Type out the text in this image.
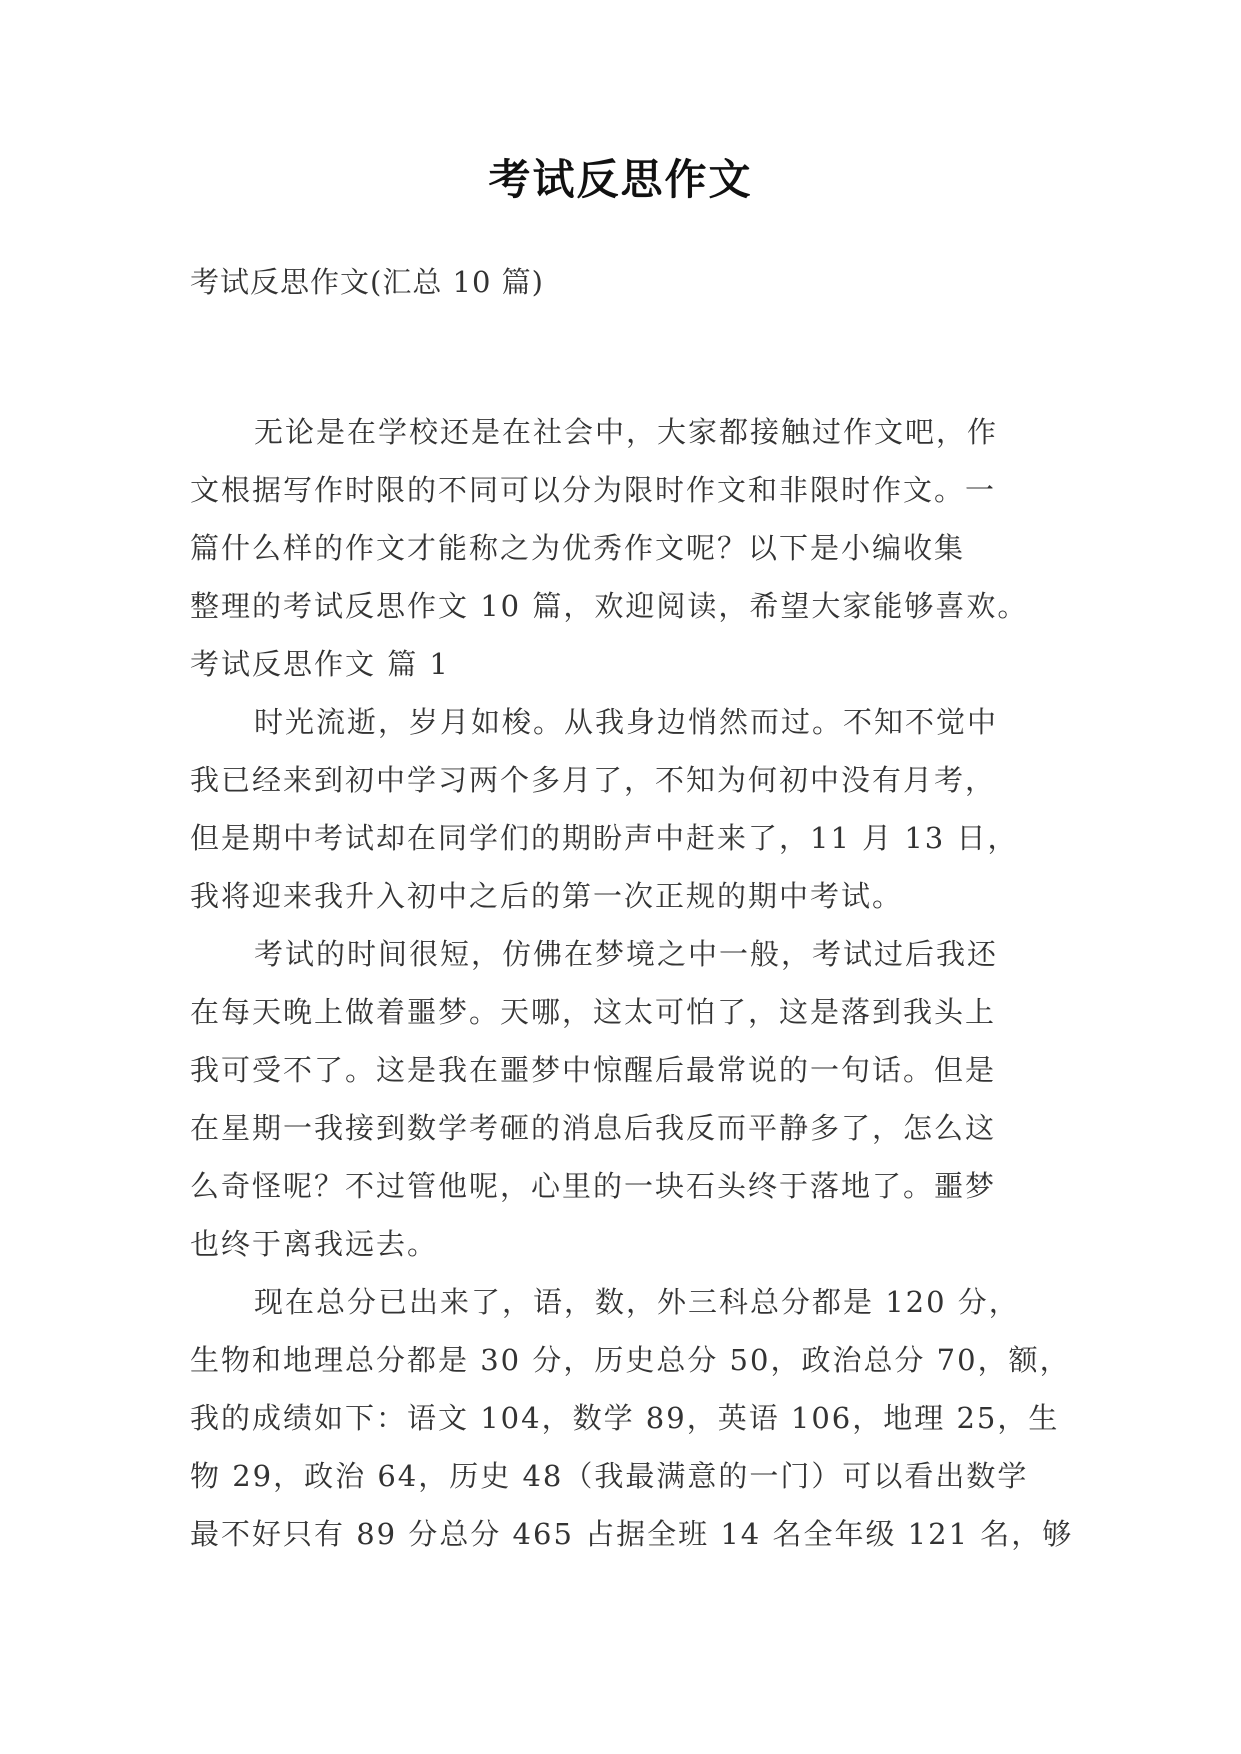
考试反思作文
考试反思作文(汇总 10 篇)
无论是在学校还是在社会中，大家都接触过作文吧，作
文根据写作时限的不同可以分为限时作文和非限时作文。一
篇什么样的作文才能称之为优秀作文呢？以下是小编收集
整理的考试反思作文 10 篇，欢迎阅读，希望大家能够喜欢。
考试反思作文 篇 1
时光流逝，岁月如梭。从我身边悄然而过。不知不觉中
我已经来到初中学习两个多月了，不知为何初中没有月考，
但是期中考试却在同学们的期盼声中赶来了，11 月 13 日，
我将迎来我升入初中之后的第一次正规的期中考试。
考试的时间很短，仿佛在梦境之中一般，考试过后我还
在每天晚上做着噩梦。天哪，这太可怕了，这是落到我头上
我可受不了。这是我在噩梦中惊醒后最常说的一句话。但是
在星期一我接到数学考砸的消息后我反而平静多了，怎么这
么奇怪呢？不过管他呢，心里的一块石头终于落地了。噩梦
也终于离我远去。
现在总分已出来了，语，数，外三科总分都是 120 分，
生物和地理总分都是 30 分，历史总分 50，政治总分 70，额，
我的成绩如下：语文 104，数学 89，英语 106，地理 25，生
物 29，政治 64，历史 48（我最满意的一门）可以看出数学
最不好只有 89 分总分 465 占据全班 14 名全年级 121 名，够
